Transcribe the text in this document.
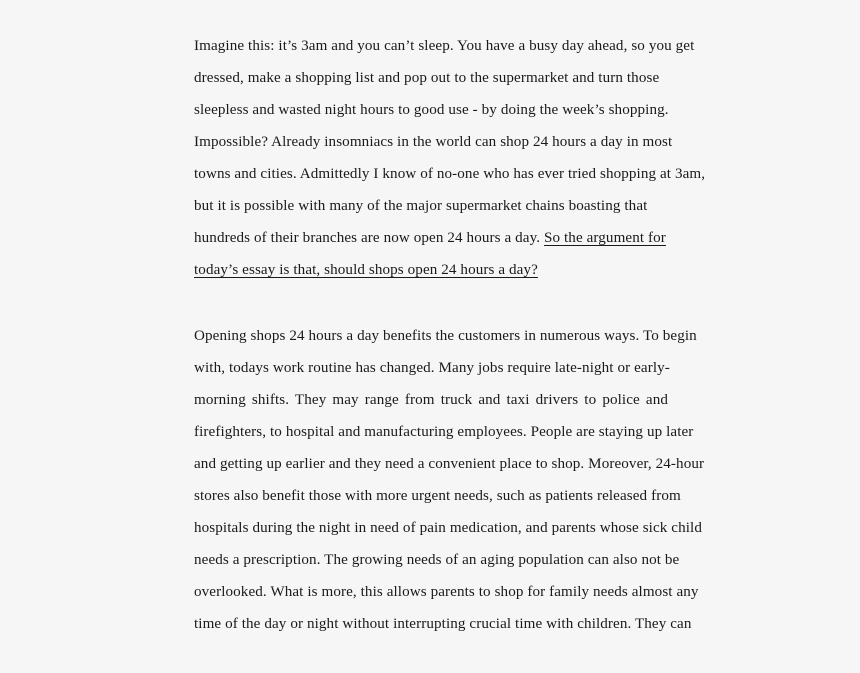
Imagine this: it’s 3am and you can’t sleep. You have a busy day ahead, so you get
dressed, make a shopping list and pop out to the supermarket and turn those
sleepless and wasted night hours to good use - by doing the week’s shopping.
Impossible? Already insomniacs in the world can shop 24 hours a day in most
towns and cities. Admittedly I know of no-one who has ever tried shopping at 3am,
but it is possible with many of the major supermarket chains boasting that
hundreds of their branches are now open 24 hours a day. So the argument for
today’s essay is that, should shops open 24 hours a day?

Opening shops 24 hours a day benefits the customers in numerous ways. To begin
with, todays work routine has changed. Many jobs require late-night or early-
morning shifts. They may range from truck and taxi drivers to police and
firefighters, to hospital and manufacturing employees. People are staying up later
and getting up earlier and they need a convenient place to shop. Moreover, 24-hour
stores also benefit those with more urgent needs, such as patients released from
hospitals during the night in need of pain medication, and parents whose sick child
needs a prescription. The growing needs of an aging population can also not be
overlooked. What is more, this allows parents to shop for family needs almost any
time of the day or night without interrupting crucial time with children. They can
